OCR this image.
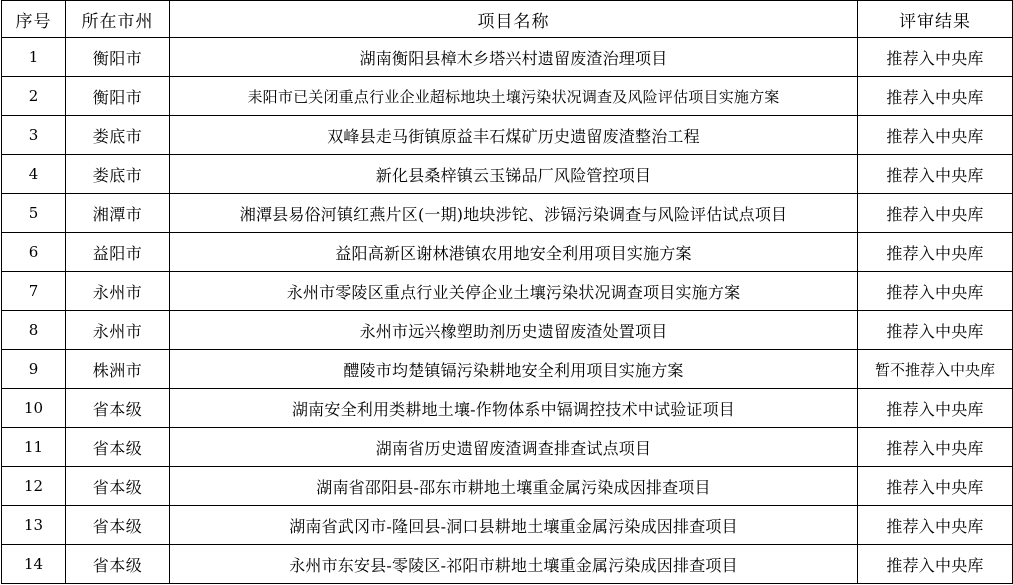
序号	所在市州	项目名称	评审结果
1	衡阳市	湖南衡阳县樟木乡塔兴村遗留废渣治理项目	推荐入中央库
2	衡阳市	耒阳市已关闭重点行业企业超标地块土壤污染状况调查及风险评估项目实施方案	推荐入中央库
3	娄底市	双峰县走马街镇原益丰石煤矿历史遗留废渣整治工程	推荐入中央库
4	娄底市	新化县桑梓镇云玉锑品厂风险管控项目	推荐入中央库
5	湘潭市	湘潭县易俗河镇红燕片区(一期)地块涉铊、涉镉污染调查与风险评估试点项目	推荐入中央库
6	益阳市	益阳高新区谢林港镇农用地安全利用项目实施方案	推荐入中央库
7	永州市	永州市零陵区重点行业关停企业土壤污染状况调查项目实施方案	推荐入中央库
8	永州市	永州市远兴橡塑助剂历史遗留废渣处置项目	推荐入中央库
9	株洲市	醴陵市均楚镇镉污染耕地安全利用项目实施方案	暂不推荐入中央库
10	省本级	湖南安全利用类耕地土壤-作物体系中镉调控技术中试验证项目	推荐入中央库
11	省本级	湖南省历史遗留废渣调查排查试点项目	推荐入中央库
12	省本级	湖南省邵阳县-邵东市耕地土壤重金属污染成因排查项目	推荐入中央库
13	省本级	湖南省武冈市-隆回县-洞口县耕地土壤重金属污染成因排查项目	推荐入中央库
14	省本级	永州市东安县-零陵区-祁阳市耕地土壤重金属污染成因排查项目	推荐入中央库
